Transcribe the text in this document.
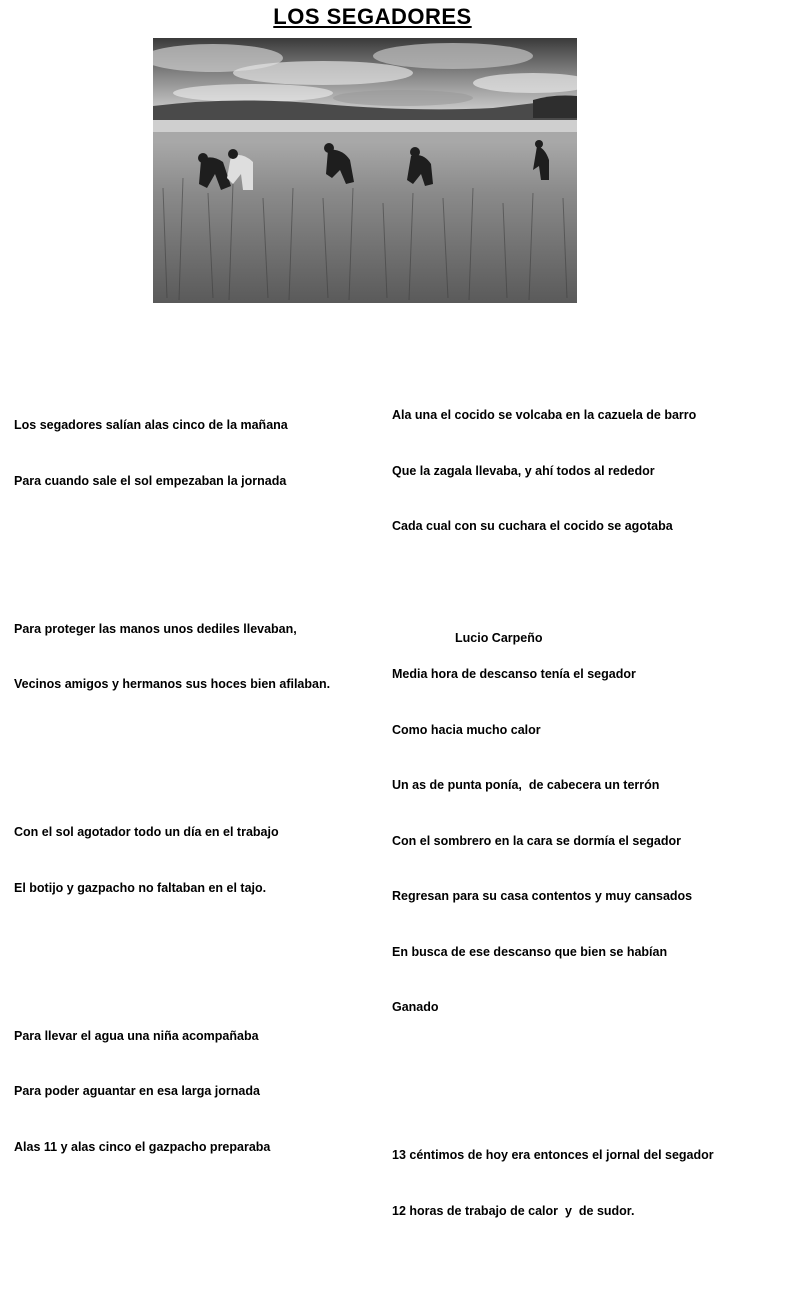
LOS SEGADORES

Los segadores salían alas cinco de la mañana

Para cuando sale el sol empezaban la jornada

Para proteger las manos unos dediles llevaban,

Vecinos amigos y hermanos sus hoces bien afilaban.

Con el sol agotador todo un día en el trabajo

El botijo y gazpacho no faltaban en el tajo.

Para llevar el agua una niña acompañaba

Para poder aguantar en esa larga jornada

Alas 11 y alas cinco el gazpacho preparaba

Ala una el cocido se volcaba en la cazuela de barro

Que la zagala llevaba, y ahí todos al rededor

Cada cual con su cuchara el cocido se agotaba

Media hora de descanso tenía el segador

Como hacia mucho calor

Un as de punta ponía,  de cabecera un terrón

Con el sombrero en la cara se dormía el segador

Regresan para su casa contentos y muy cansados

En busca de ese descanso que bien se habían

Ganado

13 céntimos de hoy era entonces el jornal del segador

12 horas de trabajo de calor  y  de sudor.

Lucio Carpeño
